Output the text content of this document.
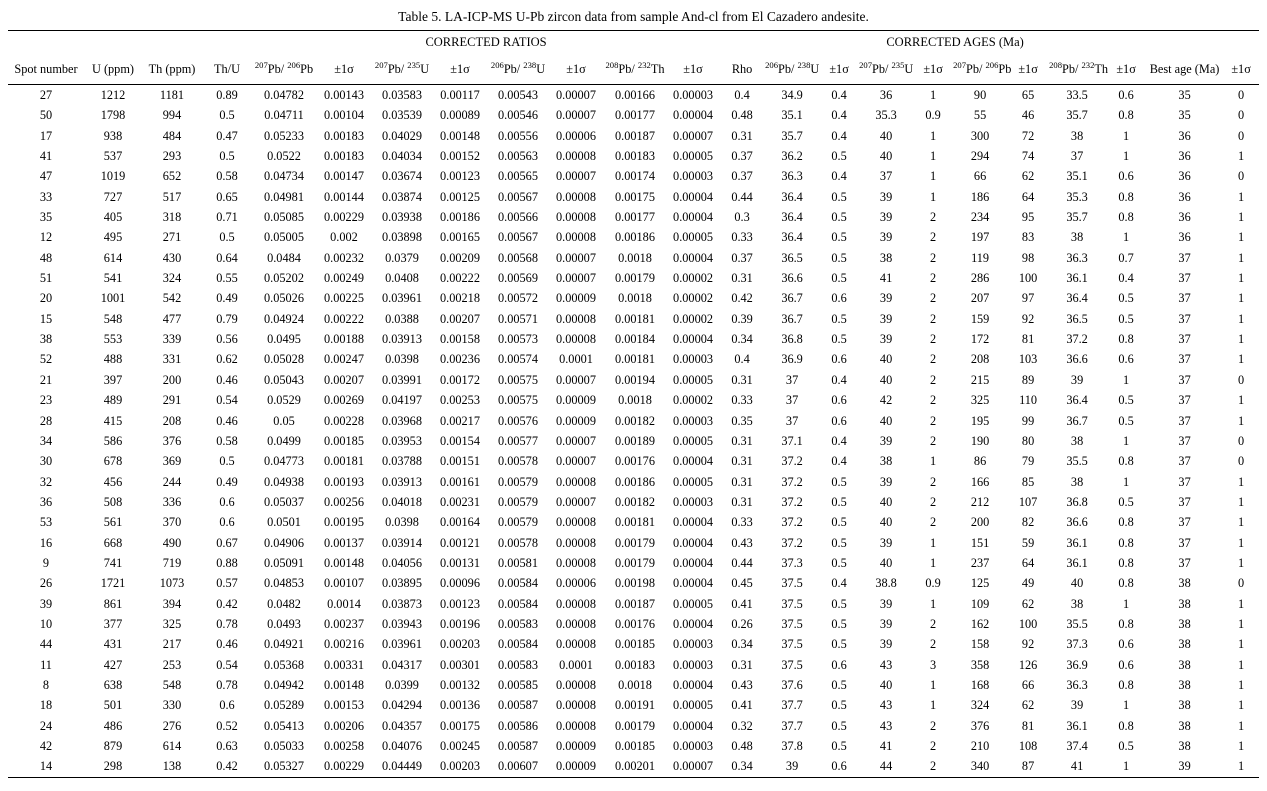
Table 5. LA-ICP-MS U-Pb zircon data from sample And-cl from El Cazadero andesite.
				CORRECTED RATIOS									CORRECTED AGES (Ma)									
Spot number	U (ppm)	Th (ppm)	Th/U	$^{207}$Pb/ $^{206}$Pb	±1σ	$^{207}$Pb/ $^{235}$U	±1σ	$^{206}$Pb/ $^{238}$U	±1σ	$^{208}$Pb/ $^{232}$Th	±1σ	Rho	$^{206}$Pb/ $^{238}$U	±1σ	$^{207}$Pb/ $^{235}$U	±1σ	$^{207}$Pb/ $^{206}$Pb	±1σ	$^{208}$Pb/ $^{232}$Th	±1σ	Best age (Ma)	±1σ
27	1212	1181	0.89	0.04782	0.00143	0.03583	0.00117	0.00543	0.00007	0.00166	0.00003	0.4	34.9	0.4	36	1	90	65	33.5	0.6	35	0
50	1798	994	0.5	0.04711	0.00104	0.03539	0.00089	0.00546	0.00007	0.00177	0.00004	0.48	35.1	0.4	35.3	0.9	55	46	35.7	0.8	35	0
17	938	484	0.47	0.05233	0.00183	0.04029	0.00148	0.00556	0.00006	0.00187	0.00007	0.31	35.7	0.4	40	1	300	72	38	1	36	0
41	537	293	0.5	0.0522	0.00183	0.04034	0.00152	0.00563	0.00008	0.00183	0.00005	0.37	36.2	0.5	40	1	294	74	37	1	36	1
47	1019	652	0.58	0.04734	0.00147	0.03674	0.00123	0.00565	0.00007	0.00174	0.00003	0.37	36.3	0.4	37	1	66	62	35.1	0.6	36	0
33	727	517	0.65	0.04981	0.00144	0.03874	0.00125	0.00567	0.00008	0.00175	0.00004	0.44	36.4	0.5	39	1	186	64	35.3	0.8	36	1
35	405	318	0.71	0.05085	0.00229	0.03938	0.00186	0.00566	0.00008	0.00177	0.00004	0.3	36.4	0.5	39	2	234	95	35.7	0.8	36	1
12	495	271	0.5	0.05005	0.002	0.03898	0.00165	0.00567	0.00008	0.00186	0.00005	0.33	36.4	0.5	39	2	197	83	38	1	36	1
48	614	430	0.64	0.0484	0.00232	0.0379	0.00209	0.00568	0.00007	0.0018	0.00004	0.37	36.5	0.5	38	2	119	98	36.3	0.7	37	1
51	541	324	0.55	0.05202	0.00249	0.0408	0.00222	0.00569	0.00007	0.00179	0.00002	0.31	36.6	0.5	41	2	286	100	36.1	0.4	37	1
20	1001	542	0.49	0.05026	0.00225	0.03961	0.00218	0.00572	0.00009	0.0018	0.00002	0.42	36.7	0.6	39	2	207	97	36.4	0.5	37	1
15	548	477	0.79	0.04924	0.00222	0.0388	0.00207	0.00571	0.00008	0.00181	0.00002	0.39	36.7	0.5	39	2	159	92	36.5	0.5	37	1
38	553	339	0.56	0.0495	0.00188	0.03913	0.00158	0.00573	0.00008	0.00184	0.00004	0.34	36.8	0.5	39	2	172	81	37.2	0.8	37	1
52	488	331	0.62	0.05028	0.00247	0.0398	0.00236	0.00574	0.0001	0.00181	0.00003	0.4	36.9	0.6	40	2	208	103	36.6	0.6	37	1
21	397	200	0.46	0.05043	0.00207	0.03991	0.00172	0.00575	0.00007	0.00194	0.00005	0.31	37	0.4	40	2	215	89	39	1	37	0
23	489	291	0.54	0.0529	0.00269	0.04197	0.00253	0.00575	0.00009	0.0018	0.00002	0.33	37	0.6	42	2	325	110	36.4	0.5	37	1
28	415	208	0.46	0.05	0.00228	0.03968	0.00217	0.00576	0.00009	0.00182	0.00003	0.35	37	0.6	40	2	195	99	36.7	0.5	37	1
34	586	376	0.58	0.0499	0.00185	0.03953	0.00154	0.00577	0.00007	0.00189	0.00005	0.31	37.1	0.4	39	2	190	80	38	1	37	0
30	678	369	0.5	0.04773	0.00181	0.03788	0.00151	0.00578	0.00007	0.00176	0.00004	0.31	37.2	0.4	38	1	86	79	35.5	0.8	37	0
32	456	244	0.49	0.04938	0.00193	0.03913	0.00161	0.00579	0.00008	0.00186	0.00005	0.31	37.2	0.5	39	2	166	85	38	1	37	1
36	508	336	0.6	0.05037	0.00256	0.04018	0.00231	0.00579	0.00007	0.00182	0.00003	0.31	37.2	0.5	40	2	212	107	36.8	0.5	37	1
53	561	370	0.6	0.0501	0.00195	0.0398	0.00164	0.00579	0.00008	0.00181	0.00004	0.33	37.2	0.5	40	2	200	82	36.6	0.8	37	1
16	668	490	0.67	0.04906	0.00137	0.03914	0.00121	0.00578	0.00008	0.00179	0.00004	0.43	37.2	0.5	39	1	151	59	36.1	0.8	37	1
9	741	719	0.88	0.05091	0.00148	0.04056	0.00131	0.00581	0.00008	0.00179	0.00004	0.44	37.3	0.5	40	1	237	64	36.1	0.8	37	1
26	1721	1073	0.57	0.04853	0.00107	0.03895	0.00096	0.00584	0.00006	0.00198	0.00004	0.45	37.5	0.4	38.8	0.9	125	49	40	0.8	38	0
39	861	394	0.42	0.0482	0.0014	0.03873	0.00123	0.00584	0.00008	0.00187	0.00005	0.41	37.5	0.5	39	1	109	62	38	1	38	1
10	377	325	0.78	0.0493	0.00237	0.03943	0.00196	0.00583	0.00008	0.00176	0.00004	0.26	37.5	0.5	39	2	162	100	35.5	0.8	38	1
44	431	217	0.46	0.04921	0.00216	0.03961	0.00203	0.00584	0.00008	0.00185	0.00003	0.34	37.5	0.5	39	2	158	92	37.3	0.6	38	1
11	427	253	0.54	0.05368	0.00331	0.04317	0.00301	0.00583	0.0001	0.00183	0.00003	0.31	37.5	0.6	43	3	358	126	36.9	0.6	38	1
8	638	548	0.78	0.04942	0.00148	0.0399	0.00132	0.00585	0.00008	0.0018	0.00004	0.43	37.6	0.5	40	1	168	66	36.3	0.8	38	1
18	501	330	0.6	0.05289	0.00153	0.04294	0.00136	0.00587	0.00008	0.00191	0.00005	0.41	37.7	0.5	43	1	324	62	39	1	38	1
24	486	276	0.52	0.05413	0.00206	0.04357	0.00175	0.00586	0.00008	0.00179	0.00004	0.32	37.7	0.5	43	2	376	81	36.1	0.8	38	1
42	879	614	0.63	0.05033	0.00258	0.04076	0.00245	0.00587	0.00009	0.00185	0.00003	0.48	37.8	0.5	41	2	210	108	37.4	0.5	38	1
14	298	138	0.42	0.05327	0.00229	0.04449	0.00203	0.00607	0.00009	0.00201	0.00007	0.34	39	0.6	44	2	340	87	41	1	39	1
